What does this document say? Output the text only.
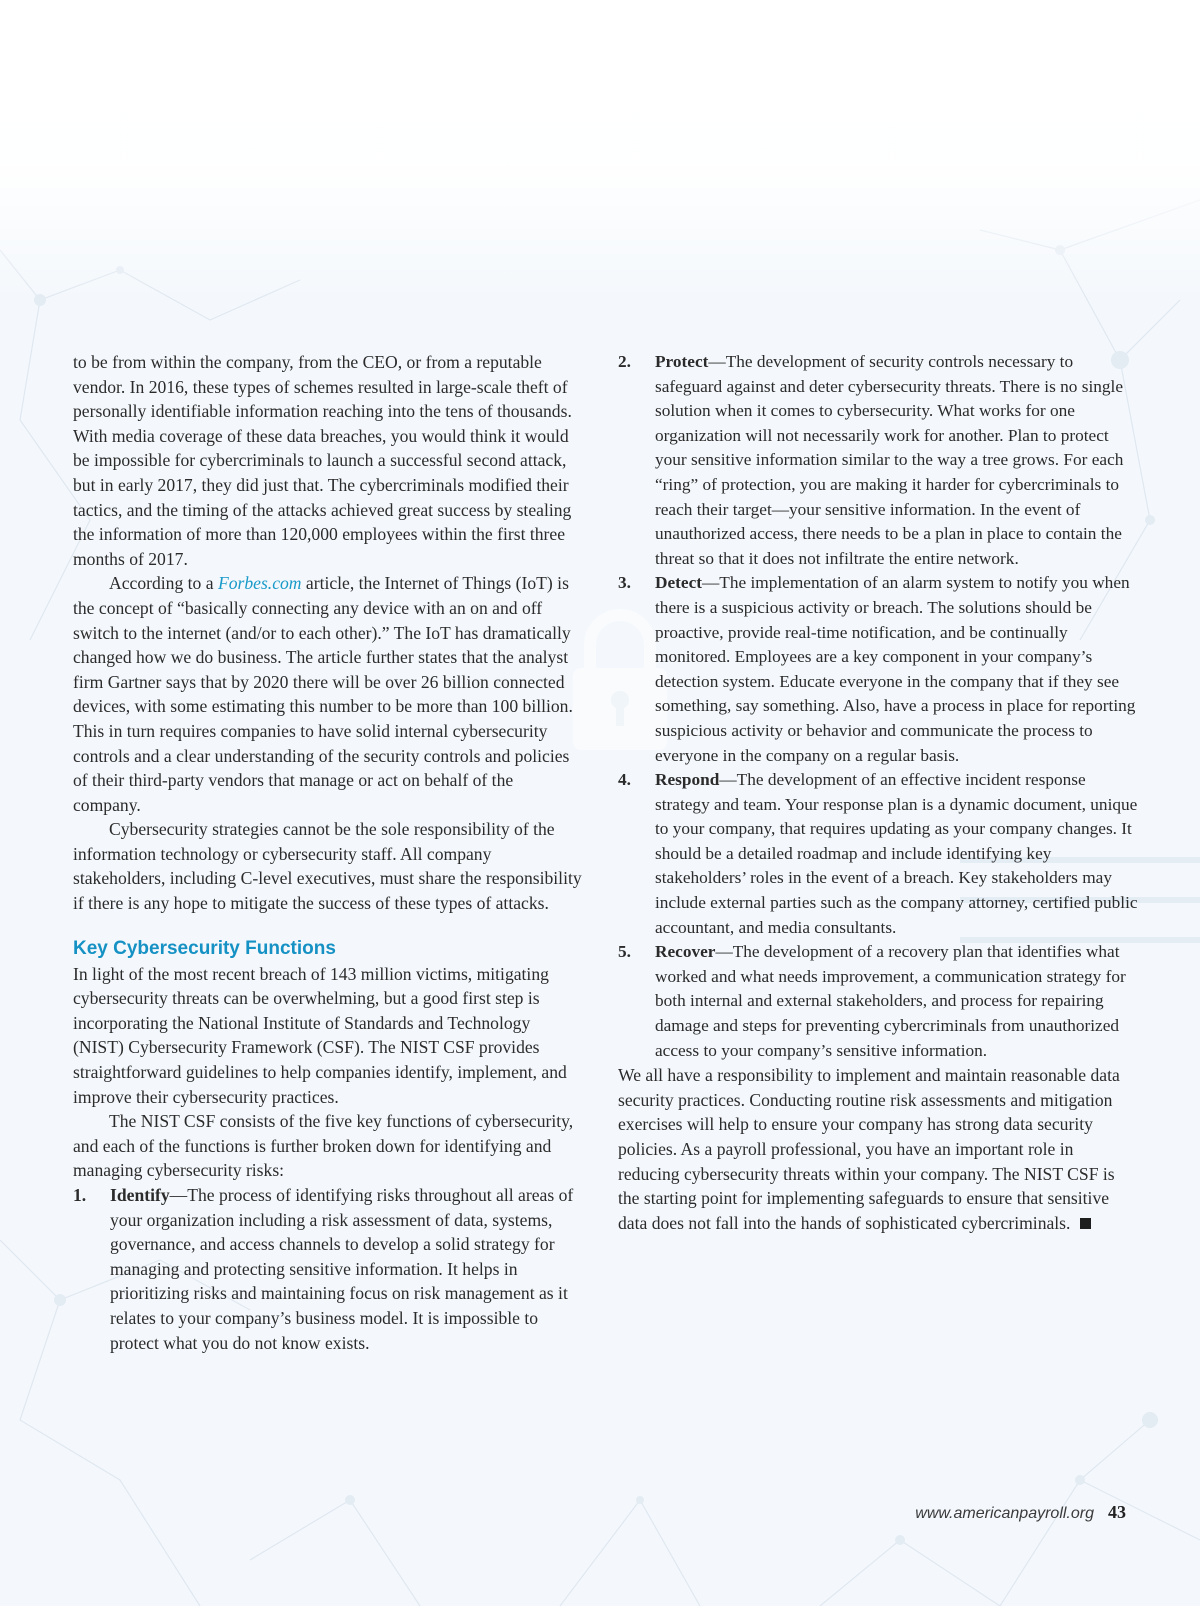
to be from within the company, from the CEO, or from a reputable vendor. In 2016, these types of schemes resulted in large-scale theft of personally identifiable information reaching into the tens of thousands. With media coverage of these data breaches, you would think it would be impossible for cybercriminals to launch a successful second attack, but in early 2017, they did just that. The cybercriminals modified their tactics, and the timing of the attacks achieved great success by stealing the information of more than 120,000 employees within the first three months of 2017.

According to a Forbes.com article, the Internet of Things (IoT) is the concept of “basically connecting any device with an on and off switch to the internet (and/or to each other).” The IoT has dramatically changed how we do business. The article further states that the analyst firm Gartner says that by 2020 there will be over 26 billion connected devices, with some estimating this number to be more than 100 billion. This in turn requires companies to have solid internal cybersecurity controls and a clear understanding of the security controls and policies of their third-party vendors that manage or act on behalf of the company.

Cybersecurity strategies cannot be the sole responsibility of the information technology or cybersecurity staff. All company stakeholders, including C-level executives, must share the responsibility if there is any hope to mitigate the success of these types of attacks.

Key Cybersecurity Functions

In light of the most recent breach of 143 million victims, mitigating cybersecurity threats can be overwhelming, but a good first step is incorporating the National Institute of Standards and Technology (NIST) Cybersecurity Framework (CSF). The NIST CSF provides straightforward guidelines to help companies identify, implement, and improve their cybersecurity practices.

The NIST CSF consists of the five key functions of cybersecurity, and each of the functions is further broken down for identifying and managing cybersecurity risks:

1. Identify—The process of identifying risks throughout all areas of your organization including a risk assessment of data, systems, governance, and access channels to develop a solid strategy for managing and protecting sensitive information. It helps in prioritizing risks and maintaining focus on risk management as it relates to your company’s business model. It is impossible to protect what you do not know exists.
2. Protect—The development of security controls necessary to safeguard against and deter cybersecurity threats. There is no single solution when it comes to cybersecurity. What works for one organization will not necessarily work for another. Plan to protect your sensitive information similar to the way a tree grows. For each “ring” of protection, you are making it harder for cybercriminals to reach their target—your sensitive information. In the event of unauthorized access, there needs to be a plan in place to contain the threat so that it does not infiltrate the entire network.
3. Detect—The implementation of an alarm system to notify you when there is a suspicious activity or breach. The solutions should be proactive, provide real-time notification, and be continually monitored. Employees are a key component in your company’s detection system. Educate everyone in the company that if they see something, say something. Also, have a process in place for reporting suspicious activity or behavior and communicate the process to everyone in the company on a regular basis.
4. Respond—The development of an effective incident response strategy and team. Your response plan is a dynamic document, unique to your company, that requires updating as your company changes. It should be a detailed roadmap and include identifying key stakeholders’ roles in the event of a breach. Key stakeholders may include external parties such as the company attorney, certified public accountant, and media consultants.
5. Recover—The development of a recovery plan that identifies what worked and what needs improvement, a communication strategy for both internal and external stakeholders, and process for repairing damage and steps for preventing cybercriminals from unauthorized access to your company’s sensitive information.

We all have a responsibility to implement and maintain reasonable data security practices. Conducting routine risk assessments and mitigation exercises will help to ensure your company has strong data security policies. As a payroll professional, you have an important role in reducing cybersecurity threats within your company. The NIST CSF is the starting point for implementing safeguards to ensure that sensitive data does not fall into the hands of sophisticated cybercriminals.

www.americanpayroll.org 43
